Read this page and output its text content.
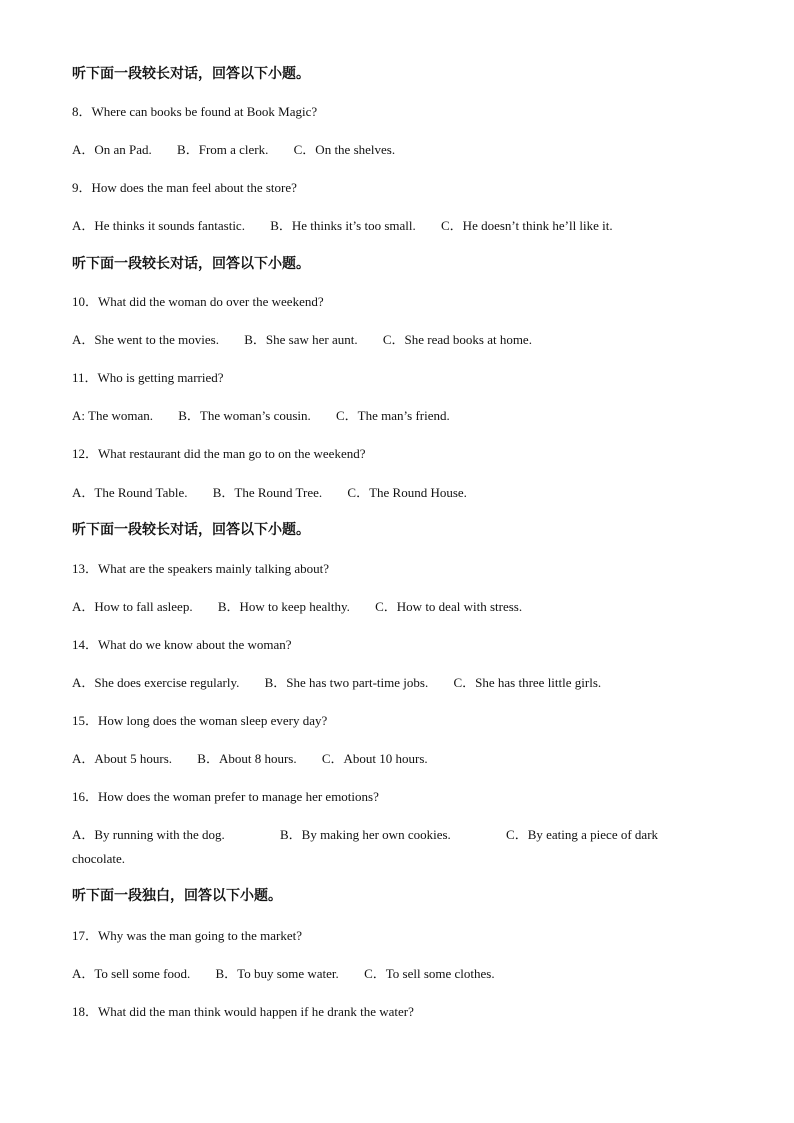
听下面一段较长对话，回答以下小题。
8．Where can books be found at Book Magic?
A．On an Pad. B．From a clerk. C．On the shelves.
9．How does the man feel about the store?
A．He thinks it sounds fantastic. B．He thinks it’s too small. C．He doesn’t think he’ll like it.
听下面一段较长对话，回答以下小题。
10．What did the woman do over the weekend?
A．She went to the movies. B．She saw her aunt. C．She read books at home.
11．Who is getting married?
A: The woman. B．The woman’s cousin. C．The man’s friend.
12．What restaurant did the man go to on the weekend?
A．The Round Table. B．The Round Tree. C．The Round House.
听下面一段较长对话，回答以下小题。
13．What are the speakers mainly talking about?
A．How to fall asleep. B．How to keep healthy. C．How to deal with stress.
14．What do we know about the woman?
A．She does exercise regularly. B．She has two part-time jobs. C．She has three little girls.
15．How long does the woman sleep every day?
A．About 5 hours. B．About 8 hours. C．About 10 hours.
16．How does the woman prefer to manage her emotions?
A．By running with the dog.	B．By making her own cookies.	C．By eating a piece of dark chocolate.
听下面一段独白，回答以下小题。
17．Why was the man going to the market?
A．To sell some food. B．To buy some water. C．To sell some clothes.
18．What did the man think would happen if he drank the water?
